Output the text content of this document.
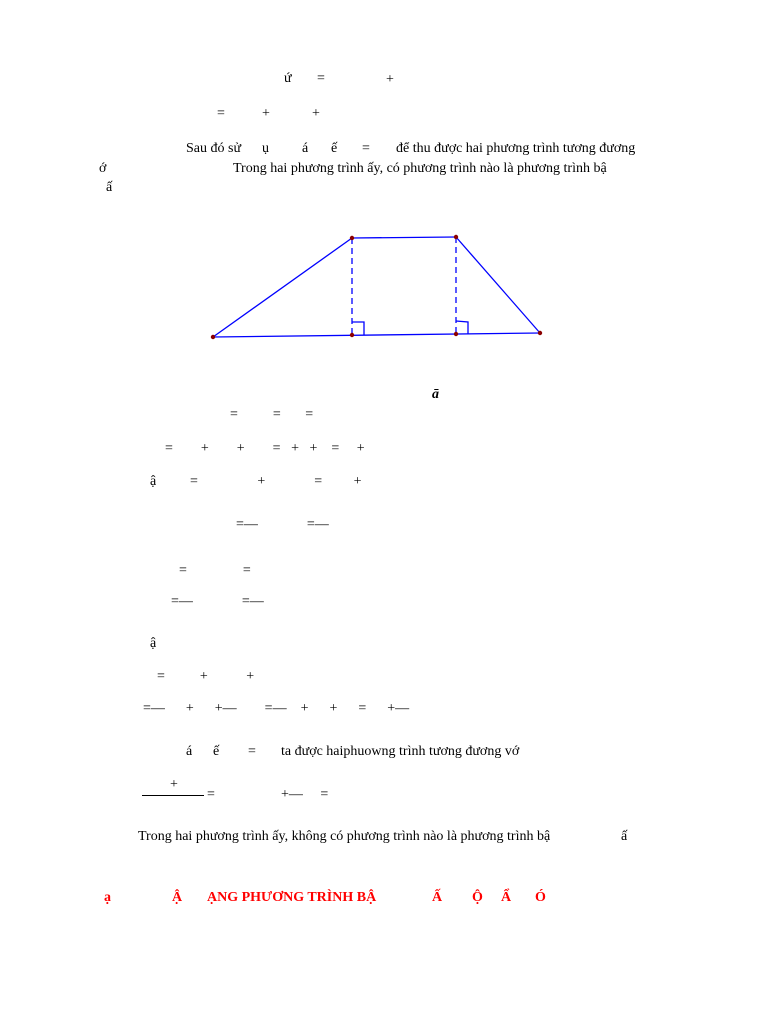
ứ =	+
=	+	+
Sau đó sử ụ á ế = để thu được hai phương trình tương đương
ớ	Trong hai phương trình ấy, có phương trình nào là phương trình bậ
ấ
ā
=          =       =
=        +        +        =   +   +    =     +
ậ =                 +              =         +
=—              =—
=                =
=—              =—
ậ
=          +           +
=—      +      +—        =—    +      +      =      +—
á ế = ta được haiphuowng trình tương đương vớ
+
=	+—     =
Trong hai phương trình ấy, không có phương trình nào là phương trình bậ	ấ
ạ	Ậ ẠNG PHƯƠNG TRÌNH BẬ	Ấ Ộ Ẩ Ó
